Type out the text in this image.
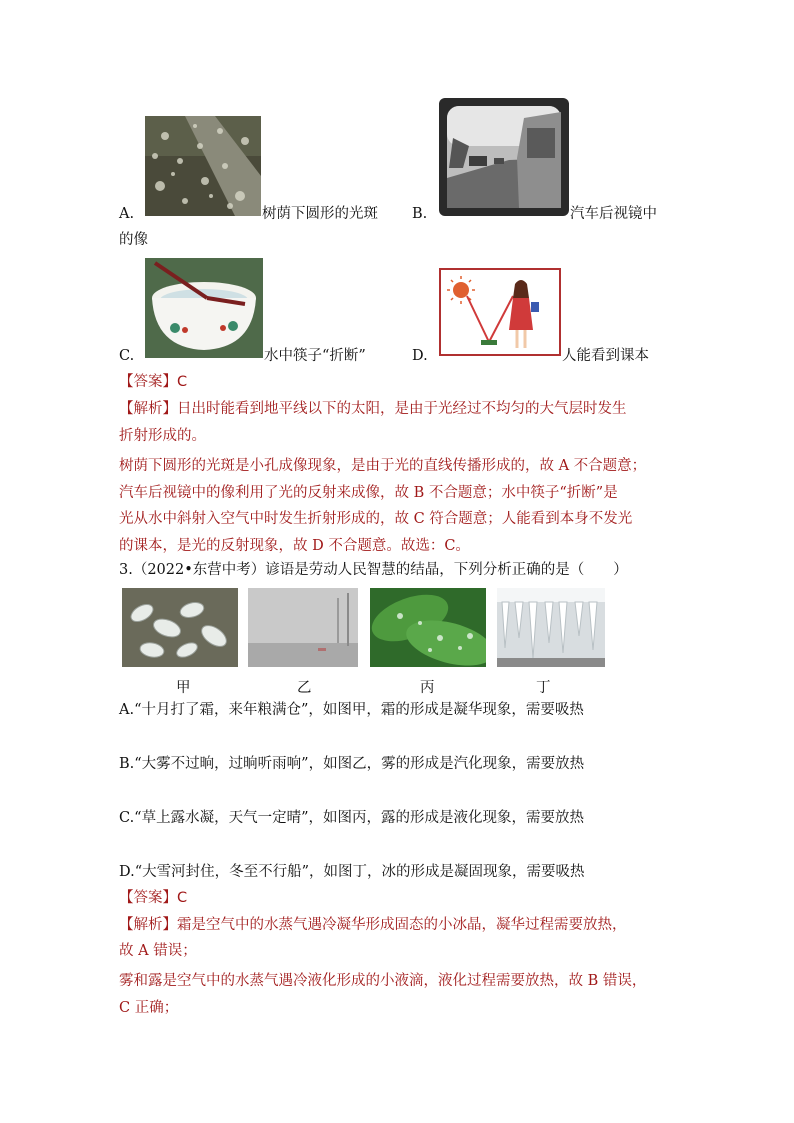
A.	树荫下圆形的光斑 B.	汽车后视镜中
的像
C.	水中筷子“折断”	D.	人能看到课本
【答案】C
【解析】日出时能看到地平线以下的太阳，是由于光经过不均匀的大气层时发生
折射形成的。
树荫下圆形的光斑是小孔成像现象，是由于光的直线传播形成的，故 A 不合题意；
汽车后视镜中的像利用了光的反射来成像，故 B 不合题意；水中筷子“折断”是
光从水中斜射入空气中时发生折射形成的，故 C 符合题意；人能看到本身不发光
的课本，是光的反射现象，故 D 不合题意。故选：C。
3.（2022•东营中考）谚语是劳动人民智慧的结晶，下列分析正确的是（　　）
甲	乙	丙	丁
A.“十月打了霜，来年粮满仓”，如图甲，霜的形成是凝华现象，需要吸热
B.“大雾不过晌，过晌听雨响”，如图乙，雾的形成是汽化现象，需要放热
C.“草上露水凝，天气一定晴”，如图丙，露的形成是液化现象，需要放热
D.“大雪河封住，冬至不行船”，如图丁，冰的形成是凝固现象，需要吸热
【答案】C
【解析】霜是空气中的水蒸气遇冷凝华形成固态的小冰晶，凝华过程需要放热，
故 A 错误；
雾和露是空气中的水蒸气遇冷液化形成的小液滴，液化过程需要放热，故 B 错误，
C 正确；
